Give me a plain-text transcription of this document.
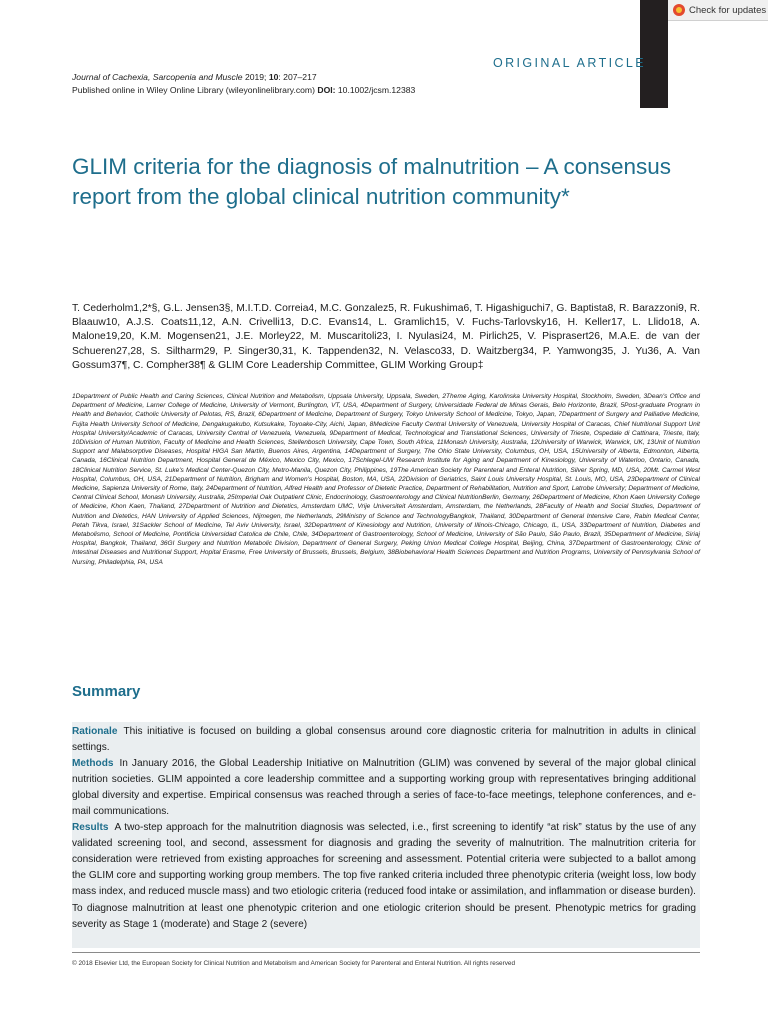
Check for updates
ORIGINAL ARTICLE
Journal of Cachexia, Sarcopenia and Muscle 2019; 10: 207–217
Published online in Wiley Online Library (wileyonlinelibrary.com) DOI: 10.1002/jcsm.12383
GLIM criteria for the diagnosis of malnutrition – A consensus report from the global clinical nutrition community*
T. Cederholm1,2*§, G.L. Jensen3§, M.I.T.D. Correia4, M.C. Gonzalez5, R. Fukushima6, T. Higashiguchi7, G. Baptista8, R. Barazzoni9, R. Blaauw10, A.J.S. Coats11,12, A.N. Crivelli13, D.C. Evans14, L. Gramlich15, V. Fuchs-Tarlovsky16, H. Keller17, L. Llido18, A. Malone19,20, K.M. Mogensen21, J.E. Morley22, M. Muscaritoli23, I. Nyulasi24, M. Pirlich25, V. Pisprasert26, M.A.E. de van der Schueren27,28, S. Siltharm29, P. Singer30,31, K. Tappenden32, N. Velasco33, D. Waitzberg34, P. Yamwong35, J. Yu36, A. Van Gossum37¶, C. Compher38¶ & GLIM Core Leadership Committee, GLIM Working Group‡
1Department of Public Health and Caring Sciences, Clinical Nutrition and Metabolism, Uppsala University, Uppsala, Sweden, 2Theme Aging, Karolinska University Hospital, Stockholm, Sweden, 3Dean's Office and Department of Medicine, Larner College of Medicine, University of Vermont, Burlington, VT, USA, 4Department of Surgery, Universidade Federal de Minas Gerais, Belo Horizonte, Brazil, 5Post-graduate Program in Health and Behavior, Catholic University of Pelotas, RS, Brazil, 6Department of Medicine, Department of Surgery, Tokyo University School of Medicine, Tokyo, Japan, 7Department of Surgery and Palliative Medicine, Fujita Health University School of Medicine, Dengakugakubo, Kutsukake, Toyoake-City, Aichi, Japan, 8Medicine Faculty Central University of Venezuela, University Hospital of Caracas, Chief Nutritional Support Unit Hospital University/Academic of Caracas, University Central of Venezuela, Venezuela, 9Department of Medical, Technological and Translational Sciences, University of Trieste, Ospedale di Cattinara, Trieste, Italy, 10Division of Human Nutrition, Faculty of Medicine and Health Sciences, Stellenbosch University, Cape Town, South Africa, 11Monash University, Australia, 12University of Warwick, Warwick, UK, 13Unit of Nutrition Support and Malabsorptive Diseases, Hospital HIGA San Martín, Buenos Aires, Argentina, 14Department of Surgery, The Ohio State University, Columbus, OH, USA, 15University of Alberta, Edmonton, Alberta, Canada, 16Clinical Nutrition Department, Hospital General de México, Mexico City, Mexico, 17Schlegel-UW Research Institute for Aging and Department of Kinesiology, University of Waterloo, Ontario, Canada, 18Clinical Nutrition Service, St. Luke's Medical Center-Quezon City, Metro-Manila, Quezon City, Philippines, 19The American Society for Parenteral and Enteral Nutrition, Silver Spring, MD, USA, 20Mt. Carmel West Hospital, Columbus, OH, USA, 21Department of Nutrition, Brigham and Women's Hospital, Boston, MA, USA, 22Division of Geriatrics, Saint Louis University Hospital, St. Louis, MO, USA, 23Department of Clinical Medicine, Sapienza University of Rome, Italy, 24Department of Nutrition, Alfred Health and Professor of Dietetic Practice, Department of Rehabilitation, Nutrition and Sport, Latrobe University; Department of Medicine, Central Clinical School, Monash University, Australia, 25Imperial Oak Outpatient Clinic, Endocrinology, Gastroenterology and Clinical NutritionBerlin, Germany, 26Department of Medicine, Khon Kaen University College of Medicine, Khon Kaen, Thailand, 27Department of Nutrition and Dietetics, Amsterdam UMC, Vrije Universiteit Amsterdam, Amsterdam, the Netherlands, 28Faculty of Health and Social Studies, Department of Nutrition and Dietetics, HAN University of Applied Sciences, Nijmegen, the Netherlands, 29Ministry of Science and TechnologyBangkok, Thailand, 30Department of General Intensive Care, Rabin Medical Center, Petah Tikva, Israel, 31Sackler School of Medicine, Tel Aviv University, Israel, 32Department of Kinesiology and Nutrition, University of Illinois-Chicago, Chicago, IL, USA, 33Department of Nutrition, Diabetes and Metabolismo, School of Medicine, Pontificia Universidad Catolica de Chile, Chile, 34Department of Gastroenterology, School of Medicine, University of São Paulo, São Paulo, Brazil, 35Department of Medicine, Siriaj Hospital, Bangkok, Thailand, 36GI Surgery and Nutrition Metabolic Division, Department of General Surgery, Peking Union Medical College Hospital, Beijing, China, 37Department of Gastroenterology, Clinic of Intestinal Diseases and Nutritional Support, Hopital Erasme, Free University of Brussels, Brussels, Belgium, 38Biobehavioral Health Sciences Department and Nutrition Programs, University of Pennsylvania School of Nursing, Philadelphia, PA, USA
Summary
Rationale This initiative is focused on building a global consensus around core diagnostic criteria for malnutrition in adults in clinical settings.
Methods In January 2016, the Global Leadership Initiative on Malnutrition (GLIM) was convened by several of the major global clinical nutrition societies. GLIM appointed a core leadership committee and a supporting working group with representatives bringing additional global diversity and expertise. Empirical consensus was reached through a series of face-to-face meetings, telephone conferences, and e-mail communications.
Results A two-step approach for the malnutrition diagnosis was selected, i.e., first screening to identify “at risk” status by the use of any validated screening tool, and second, assessment for diagnosis and grading the severity of malnutrition. The malnutrition criteria for consideration were retrieved from existing approaches for screening and assessment. Potential criteria were subjected to a ballot among the GLIM core and supporting working group members. The top five ranked criteria included three phenotypic criteria (weight loss, low body mass index, and reduced muscle mass) and two etiologic criteria (reduced food intake or assimilation, and inflammation or disease burden). To diagnose malnutrition at least one phenotypic criterion and one etiologic criterion should be present. Phenotypic metrics for grading severity as Stage 1 (moderate) and Stage 2 (severe)
© 2018 Elsevier Ltd, the European Society for Clinical Nutrition and Metabolism and American Society for Parenteral and Enteral Nutrition. All rights reserved
